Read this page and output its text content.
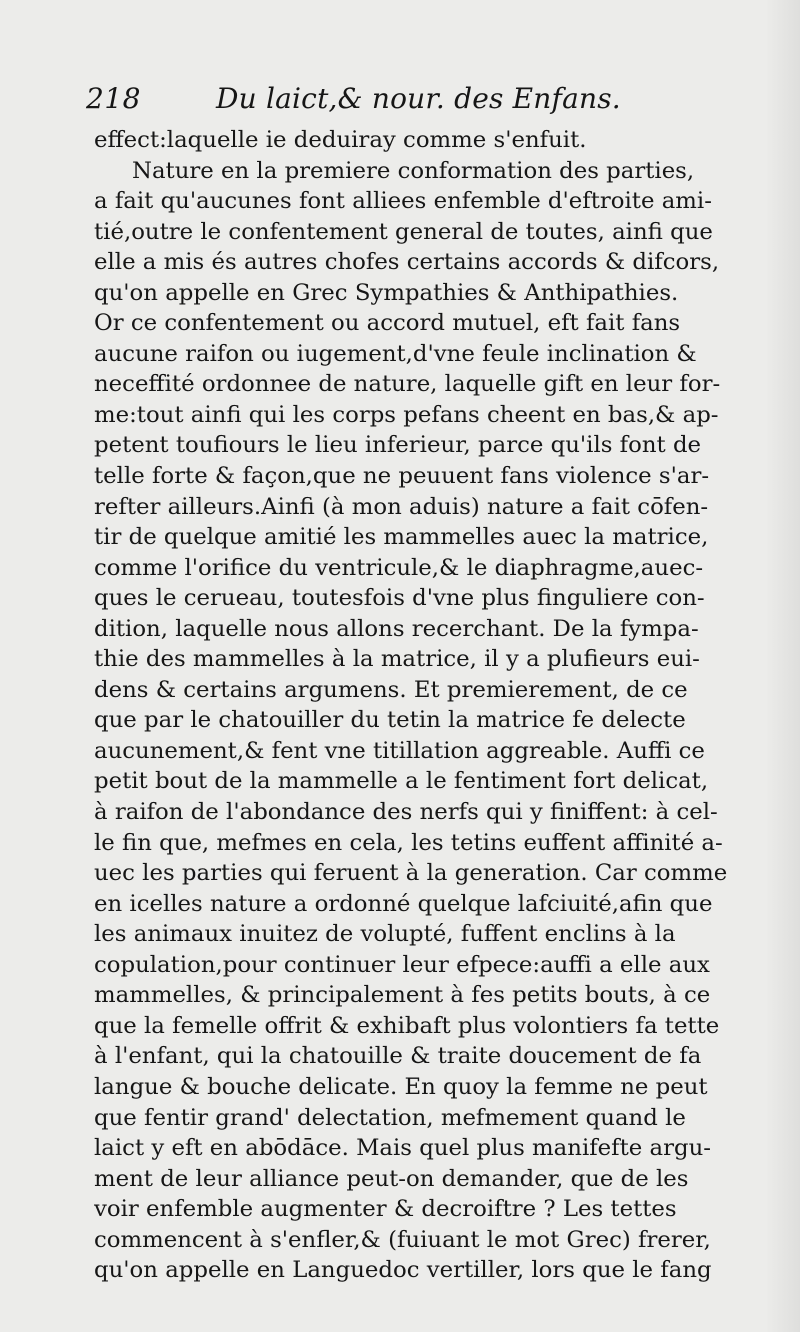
218	Du laict,& nour. des Enfans.
effect:laquelle ie deduiray comme s'enfuit.
Nature en la premiere conformation des parties,
a fait qu'aucunes font alliees enfemble d'eftroite ami-
tié,outre le confentement general de toutes, ainfi que
elle a mis és autres chofes certains accords & difcors,
qu'on appelle en Grec Sympathies & Anthipathies.
Or ce confentement ou accord mutuel, eft fait fans
aucune raifon ou iugement,d'vne feule inclination &
neceffité ordonnee de nature, laquelle gift en leur for-
me:tout ainfi qui les corps pefans cheent en bas,& ap-
petent toufiours le lieu inferieur, parce qu'ils font de
telle forte & façon,que ne peuuent fans violence s'ar-
refter ailleurs.Ainfi (à mon aduis) nature a fait cōfen-
tir de quelque amitié les mammelles auec la matrice,
comme l'orifice du ventricule,& le diaphragme,auec-
ques le cerueau, toutesfois d'vne plus finguliere con-
dition, laquelle nous allons recerchant. De la fympa-
thie des mammelles à la matrice, il y a plufieurs eui-
dens & certains argumens. Et premierement, de ce
que par le chatouiller du tetin la matrice fe delecte
aucunement,& fent vne titillation aggreable. Auffi ce
petit bout de la mammelle a le fentiment fort delicat,
à raifon de l'abondance des nerfs qui y finiffent: à cel-
le fin que, mefmes en cela, les tetins euffent affinité a-
uec les parties qui feruent à la generation. Car comme
en icelles nature a ordonné quelque lafciuité,afin que
les animaux inuitez de volupté, fuffent enclins à la
copulation,pour continuer leur efpece:auffi a elle aux
mammelles, & principalement à fes petits bouts, à ce
que la femelle offrit & exhibaft plus volontiers fa tette
à l'enfant, qui la chatouille & traite doucement de fa
langue & bouche delicate. En quoy la femme ne peut
que fentir grand' delectation, mefmement quand le
laict y eft en abōdāce. Mais quel plus manifefte argu-
ment de leur alliance peut-on demander, que de les
voir enfemble augmenter & decroiftre ? Les tettes
commencent à s'enfler,& (fuiuant le mot Grec) frerer,
qu'on appelle en Languedoc vertiller, lors que le fang
